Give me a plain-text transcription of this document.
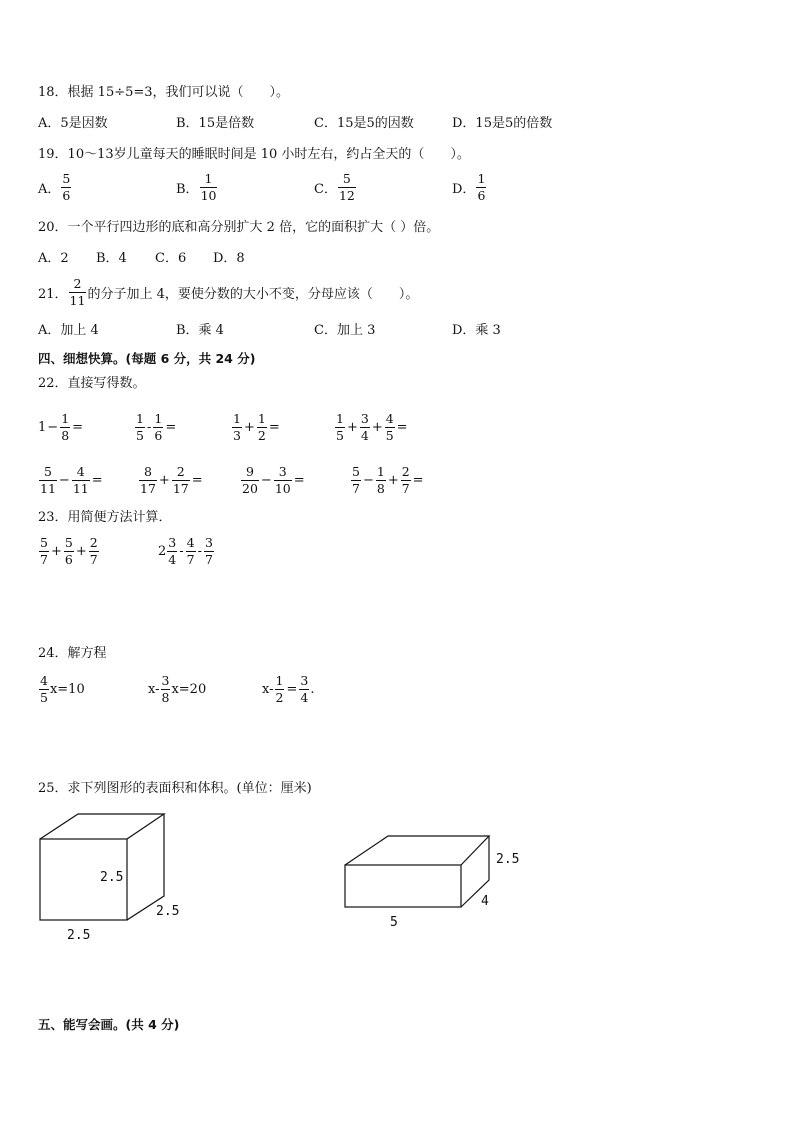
18．根据 15÷5=3，我们可以说（　　）。
A．5是因数	B．15是倍数	C．15是5的因数	D．15是5的倍数
19．10～13岁儿童每天的睡眠时间是 10 小时左右，约占全天的（　　）。
A． $\frac{5}{6}$	B． $\frac{1}{10}$	C． $\frac{5}{12}$	D． $\frac{1}{6}$
20．一个平行四边形的底和高分别扩大 2 倍，它的面积扩大（ ）倍。
A．2 B．4 C．6 D．8
21． $\frac{2}{11}$ 的分子加上 4，要使分数的大小不变，分母应该（　　）。
A．加上 4	B．乘 4	C．加上 3	D．乘 3
四、细想快算。(每题 6 分，共 24 分)
22．直接写得数。
$1 - \frac{1}{8}$ =	$\frac{1}{5} - \frac{1}{6}$ =	$\frac{1}{3} + \frac{1}{2}$ =	$\frac{1}{5} + \frac{3}{4} + \frac{4}{5}$ =
$\frac{5}{11} - \frac{4}{11}$ =	$\frac{8}{17} + \frac{2}{17}$ =	$\frac{9}{20} - \frac{3}{10}$ =	$\frac{5}{7} - \frac{1}{8} + \frac{2}{7}$ =
23．用简便方法计算．
$\frac{5}{7} + \frac{5}{6} + \frac{2}{7}$	$2 \frac{3}{4} - \frac{4}{7} - \frac{3}{7}$
24．解方程
$\frac{4}{5} x=10$	$x- \frac{3}{8} x=20$	$x- \frac{1}{2} = \frac{3}{4}$ .
25．求下列图形的表面积和体积。(单位：厘米)
2.5
2.5
2.5
2.5
4
5
五、能写会画。(共 4 分)
